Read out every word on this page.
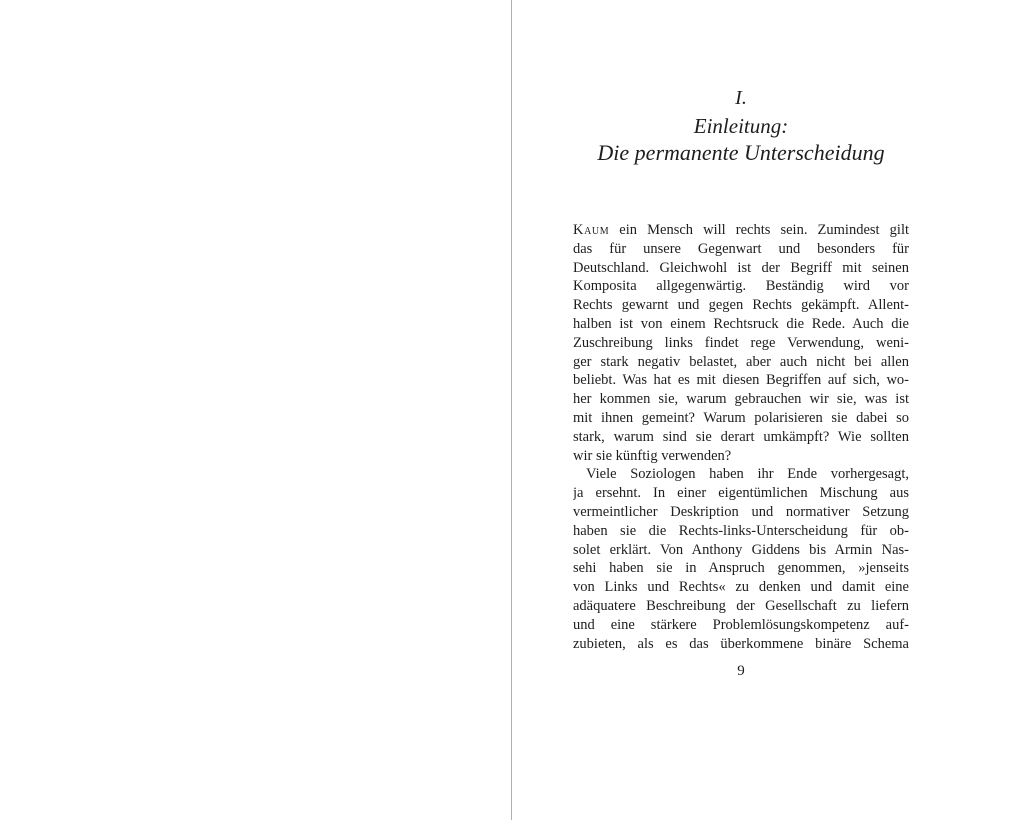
I.
Einleitung:
Die permanente Unterscheidung
Kaum ein Mensch will rechts sein. Zumindest gilt
das für unsere Gegenwart und besonders für
Deutschland. Gleichwohl ist der Begriff mit seinen
Komposita allgegenwärtig. Beständig wird vor
Rechts gewarnt und gegen Rechts gekämpft. Allent-
halben ist von einem Rechtsruck die Rede. Auch die
Zuschreibung links findet rege Verwendung, weni-
ger stark negativ belastet, aber auch nicht bei allen
beliebt. Was hat es mit diesen Begriffen auf sich, wo-
her kommen sie, warum gebrauchen wir sie, was ist
mit ihnen gemeint? Warum polarisieren sie dabei so
stark, warum sind sie derart umkämpft? Wie sollten
wir sie künftig verwenden?
Viele Soziologen haben ihr Ende vorhergesagt,
ja ersehnt. In einer eigentümlichen Mischung aus
vermeintlicher Deskription und normativer Setzung
haben sie die Rechts-links-Unterscheidung für ob-
solet erklärt. Von Anthony Giddens bis Armin Nas-
sehi haben sie in Anspruch genommen, »jenseits
von Links und Rechts« zu denken und damit eine
adäquatere Beschreibung der Gesellschaft zu liefern
und eine stärkere Problemlösungskompetenz auf-
zubieten, als es das überkommene binäre Schema
9
